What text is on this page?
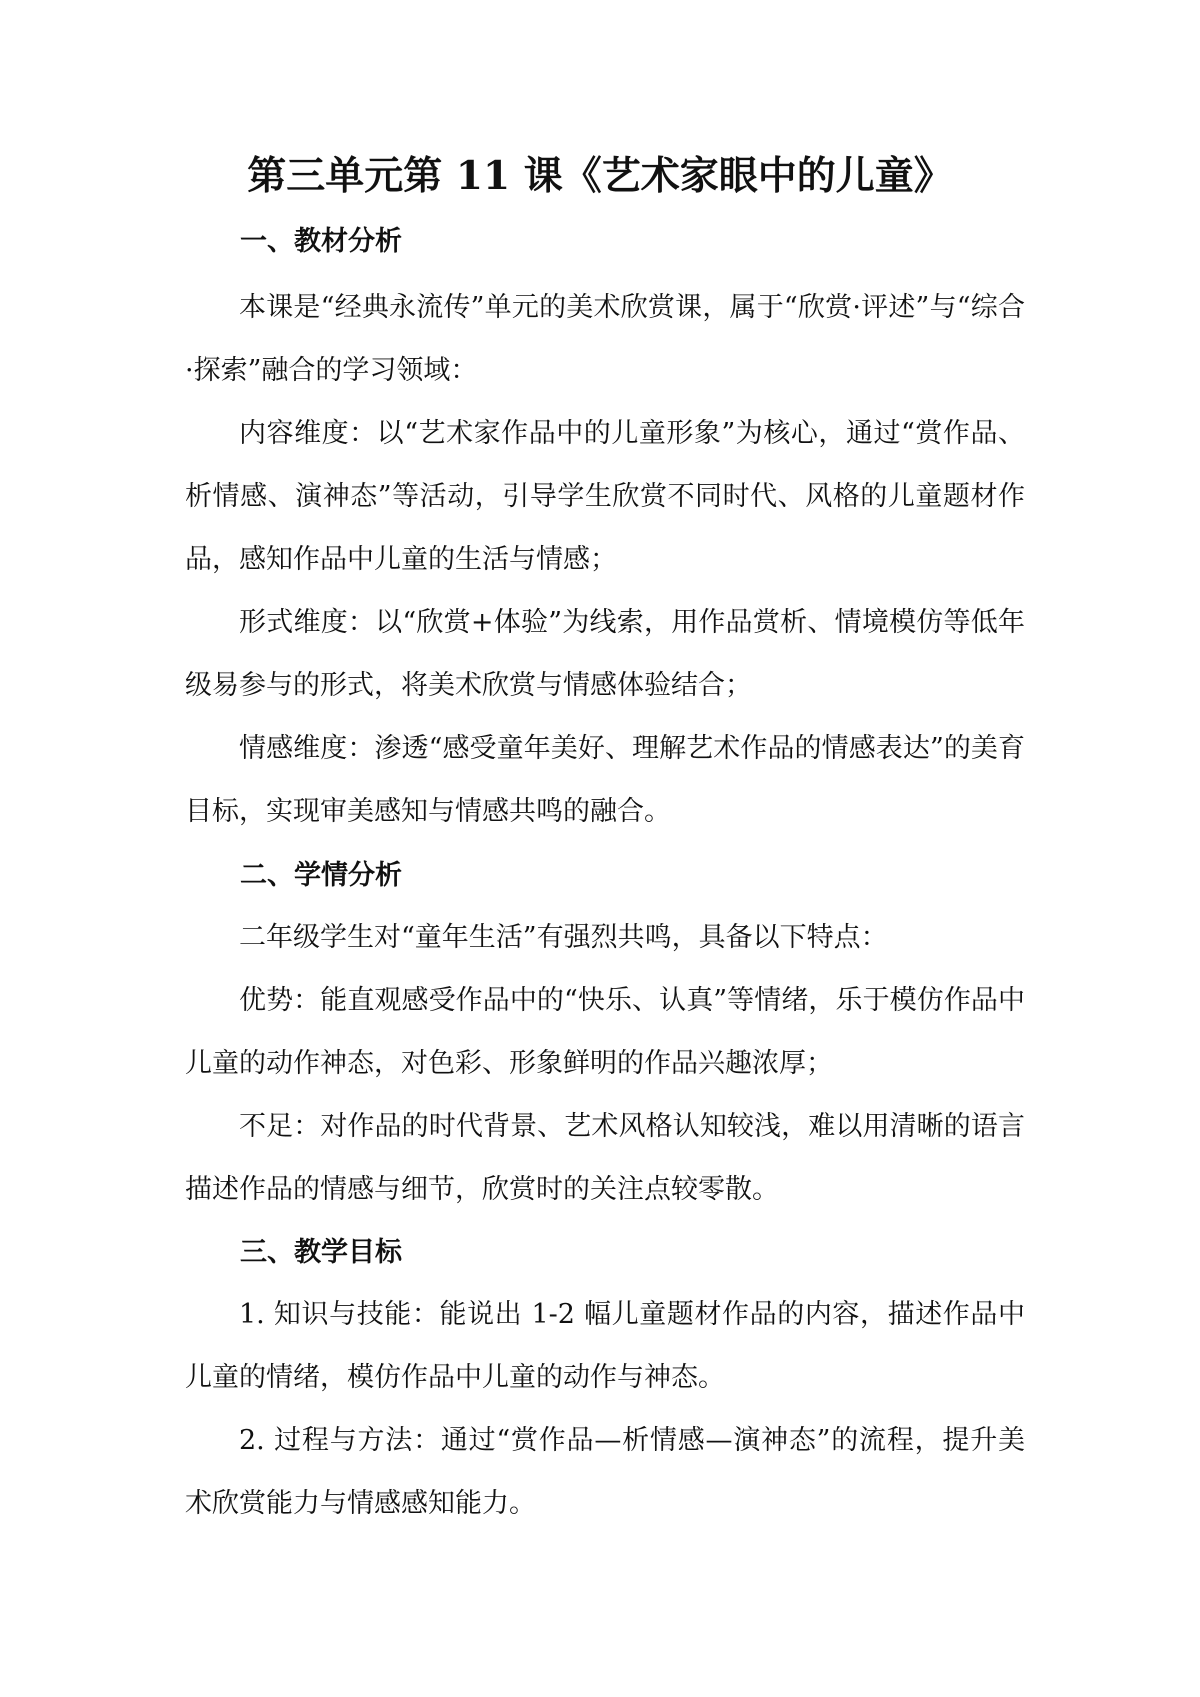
第三单元第 11 课《艺术家眼中的儿童》
一、教材分析
本课是“经典永流传”单元的美术欣赏课，属于“欣赏·评述”与“综合·探索”融合的学习领域：
内容维度：以“艺术家作品中的儿童形象”为核心，通过“赏作品、析情感、演神态”等活动，引导学生欣赏不同时代、风格的儿童题材作品，感知作品中儿童的生活与情感；
形式维度：以“欣赏+体验”为线索，用作品赏析、情境模仿等低年级易参与的形式，将美术欣赏与情感体验结合；
情感维度：渗透“感受童年美好、理解艺术作品的情感表达”的美育目标，实现审美感知与情感共鸣的融合。
二、学情分析
二年级学生对“童年生活”有强烈共鸣，具备以下特点：
优势：能直观感受作品中的“快乐、认真”等情绪，乐于模仿作品中儿童的动作神态，对色彩、形象鲜明的作品兴趣浓厚；
不足：对作品的时代背景、艺术风格认知较浅，难以用清晰的语言描述作品的情感与细节，欣赏时的关注点较零散。
三、教学目标
1. 知识与技能：能说出 1-2 幅儿童题材作品的内容，描述作品中儿童的情绪，模仿作品中儿童的动作与神态。
2. 过程与方法：通过“赏作品—析情感—演神态”的流程，提升美术欣赏能力与情感感知能力。
